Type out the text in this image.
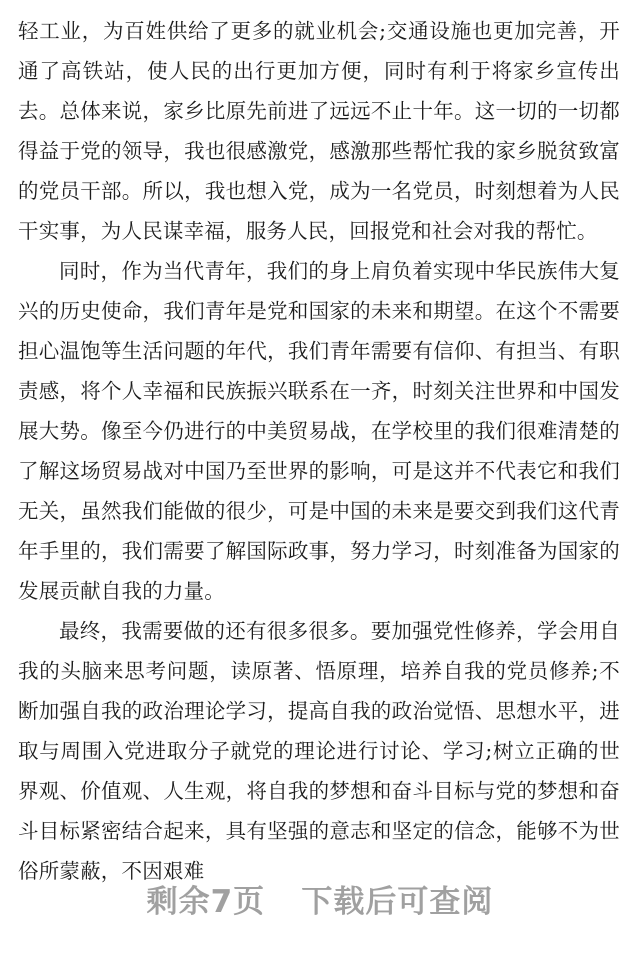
轻工业，为百姓供给了更多的就业机会;交通设施也更加完善，开通了高铁站，使人民的出行更加方便，同时有利于将家乡宣传出去。总体来说，家乡比原先前进了远远不止十年。这一切的一切都得益于党的领导，我也很感激党，感激那些帮忙我的家乡脱贫致富的党员干部。所以，我也想入党，成为一名党员，时刻想着为人民干实事，为人民谋幸福，服务人民，回报党和社会对我的帮忙。

同时，作为当代青年，我们的身上肩负着实现中华民族伟大复兴的历史使命，我们青年是党和国家的未来和期望。在这个不需要担心温饱等生活问题的年代，我们青年需要有信仰、有担当、有职责感，将个人幸福和民族振兴联系在一齐，时刻关注世界和中国发展大势。像至今仍进行的中美贸易战，在学校里的我们很难清楚的了解这场贸易战对中国乃至世界的影响，可是这并不代表它和我们无关，虽然我们能做的很少，可是中国的未来是要交到我们这代青年手里的，我们需要了解国际政事，努力学习，时刻准备为国家的发展贡献自我的力量。

最终，我需要做的还有很多很多。要加强党性修养，学会用自我的头脑来思考问题，读原著、悟原理，培养自我的党员修养;不断加强自我的政治理论学习，提高自我的政治觉悟、思想水平，进取与周围入党进取分子就党的理论进行讨论、学习;树立正确的世界观、价值观、人生观，将自我的梦想和奋斗目标与党的梦想和奋斗目标紧密结合起来，具有坚强的意志和坚定的信念，能够不为世俗所蒙蔽，不因艰难

剩余7页 下载后可查阅
